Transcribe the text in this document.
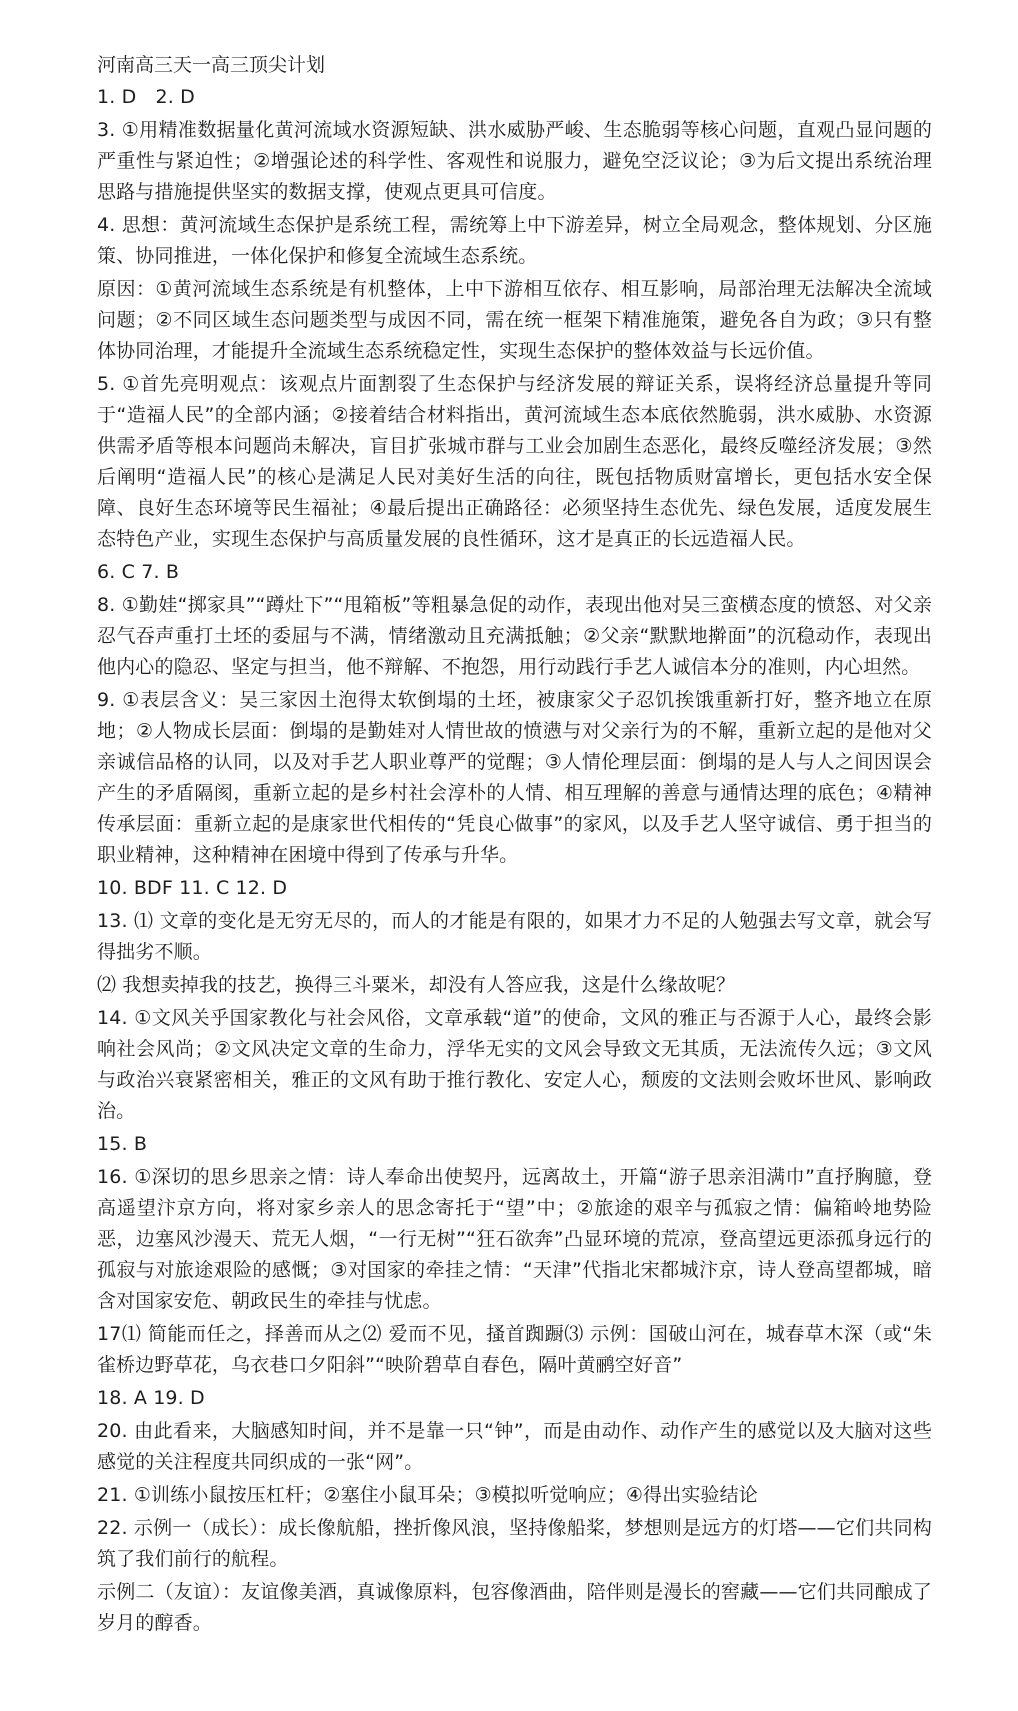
河南高三天一高三顶尖计划
1. D　2. D
3. ①用精准数据量化黄河流域水资源短缺、洪水威胁严峻、生态脆弱等核心问题，直观凸显问题的严重性与紧迫性；②增强论述的科学性、客观性和说服力，避免空泛议论；③为后文提出系统治理思路与措施提供坚实的数据支撑，使观点更具可信度。
4. 思想：黄河流域生态保护是系统工程，需统筹上中下游差异，树立全局观念，整体规划、分区施策、协同推进，一体化保护和修复全流域生态系统。
原因：①黄河流域生态系统是有机整体，上中下游相互依存、相互影响，局部治理无法解决全流域问题；②不同区域生态问题类型与成因不同，需在统一框架下精准施策，避免各自为政；③只有整体协同治理，才能提升全流域生态系统稳定性，实现生态保护的整体效益与长远价值。
5. ①首先亮明观点：该观点片面割裂了生态保护与经济发展的辩证关系，误将经济总量提升等同于“造福人民”的全部内涵；②接着结合材料指出，黄河流域生态本底依然脆弱，洪水威胁、水资源供需矛盾等根本问题尚未解决，盲目扩张城市群与工业会加剧生态恶化，最终反噬经济发展；③然后阐明“造福人民”的核心是满足人民对美好生活的向往，既包括物质财富增长，更包括水安全保障、良好生态环境等民生福祉；④最后提出正确路径：必须坚持生态优先、绿色发展，适度发展生态特色产业，实现生态保护与高质量发展的良性循环，这才是真正的长远造福人民。
6. C 7. B
8. ①勤娃“掷家具”“蹲灶下”“甩箱板”等粗暴急促的动作，表现出他对吴三蛮横态度的愤怒、对父亲忍气吞声重打土坯的委屈与不满，情绪激动且充满抵触；②父亲“默默地擀面”的沉稳动作，表现出他内心的隐忍、坚定与担当，他不辩解、不抱怨，用行动践行手艺人诚信本分的准则，内心坦然。
9. ①表层含义：吴三家因土泡得太软倒塌的土坯，被康家父子忍饥挨饿重新打好，整齐地立在原地；②人物成长层面：倒塌的是勤娃对人情世故的愤懑与对父亲行为的不解，重新立起的是他对父亲诚信品格的认同，以及对手艺人职业尊严的觉醒；③人情伦理层面：倒塌的是人与人之间因误会产生的矛盾隔阂，重新立起的是乡村社会淳朴的人情、相互理解的善意与通情达理的底色；④精神传承层面：重新立起的是康家世代相传的“凭良心做事”的家风，以及手艺人坚守诚信、勇于担当的职业精神，这种精神在困境中得到了传承与升华。
10. BDF 11. C 12. D
13. ⑴ 文章的变化是无穷无尽的，而人的才能是有限的，如果才力不足的人勉强去写文章，就会写得拙劣不顺。
⑵ 我想卖掉我的技艺，换得三斗粟米，却没有人答应我，这是什么缘故呢？
14. ①文风关乎国家教化与社会风俗，文章承载“道”的使命，文风的雅正与否源于人心，最终会影响社会风尚；②文风决定文章的生命力，浮华无实的文风会导致文无其质，无法流传久远；③文风与政治兴衰紧密相关，雅正的文风有助于推行教化、安定人心，颓废的文法则会败坏世风、影响政治。
15. B
16. ①深切的思乡思亲之情：诗人奉命出使契丹，远离故土，开篇“游子思亲泪满巾”直抒胸臆，登高遥望汴京方向，将对家乡亲人的思念寄托于“望”中；②旅途的艰辛与孤寂之情：偏箱岭地势险恶，边塞风沙漫天、荒无人烟，“一行无树”“狂石欲奔”凸显环境的荒凉，登高望远更添孤身远行的孤寂与对旅途艰险的感慨；③对国家的牵挂之情：“天津”代指北宋都城汴京，诗人登高望都城，暗含对国家安危、朝政民生的牵挂与忧虑。
17⑴ 简能而任之，择善而从之⑵ 爱而不见，搔首踟蹰⑶ 示例：国破山河在，城春草木深（或“朱雀桥边野草花，乌衣巷口夕阳斜”“映阶碧草自春色，隔叶黄鹂空好音”
18. A 19. D
20. 由此看来，大脑感知时间，并不是靠一只“钟”，而是由动作、动作产生的感觉以及大脑对这些感觉的关注程度共同织成的一张“网”。
21. ①训练小鼠按压杠杆；②塞住小鼠耳朵；③模拟听觉响应；④得出实验结论
22. 示例一（成长）：成长像航船，挫折像风浪，坚持像船桨，梦想则是远方的灯塔——它们共同构筑了我们前行的航程。
示例二（友谊）：友谊像美酒，真诚像原料，包容像酒曲，陪伴则是漫长的窖藏——它们共同酿成了岁月的醇香。
